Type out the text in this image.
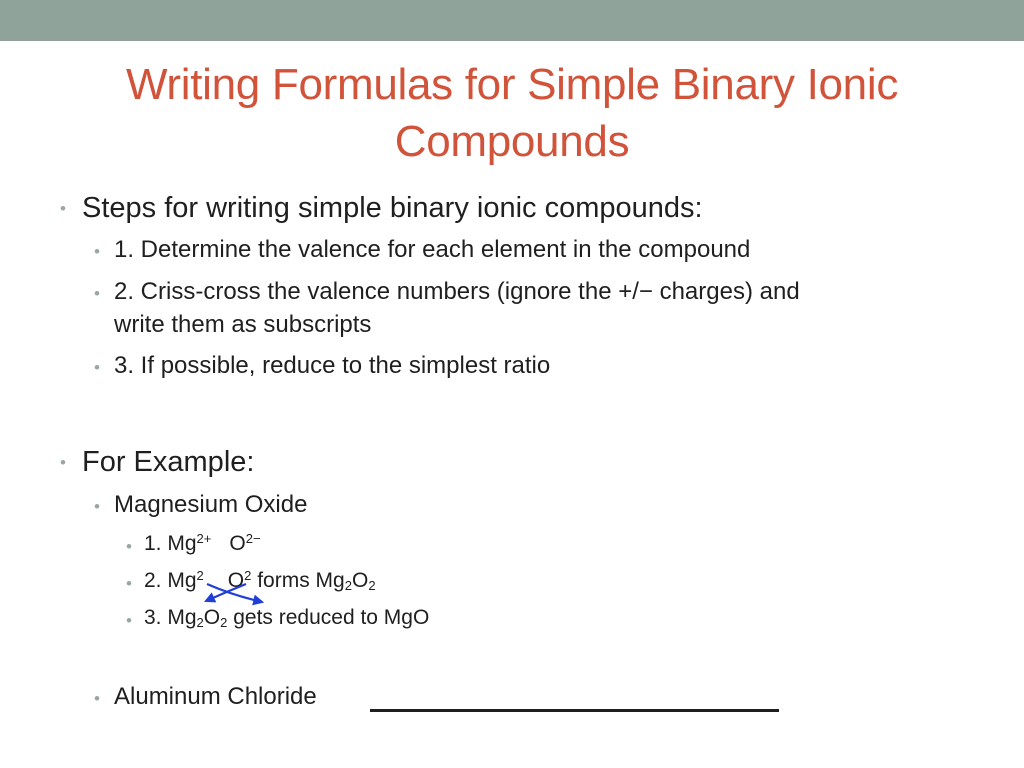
Writing Formulas for Simple Binary Ionic
Compounds
• Steps for writing simple binary ionic compounds:
• 1. Determine the valence for each element in the compound
• 2. Criss-cross the valence numbers (ignore the +/− charges) and
write them as subscripts
• 3. If possible, reduce to the simplest ratio
• For Example:
• Magnesium Oxide
• 1. $Mg^{2+}$ $O^{2-}$
• 2. Mg$^2$ $O^2$ forms $Mg_2O_2$
• 3. $Mg_2O_2$ gets reduced to MgO
• Aluminum Chloride
